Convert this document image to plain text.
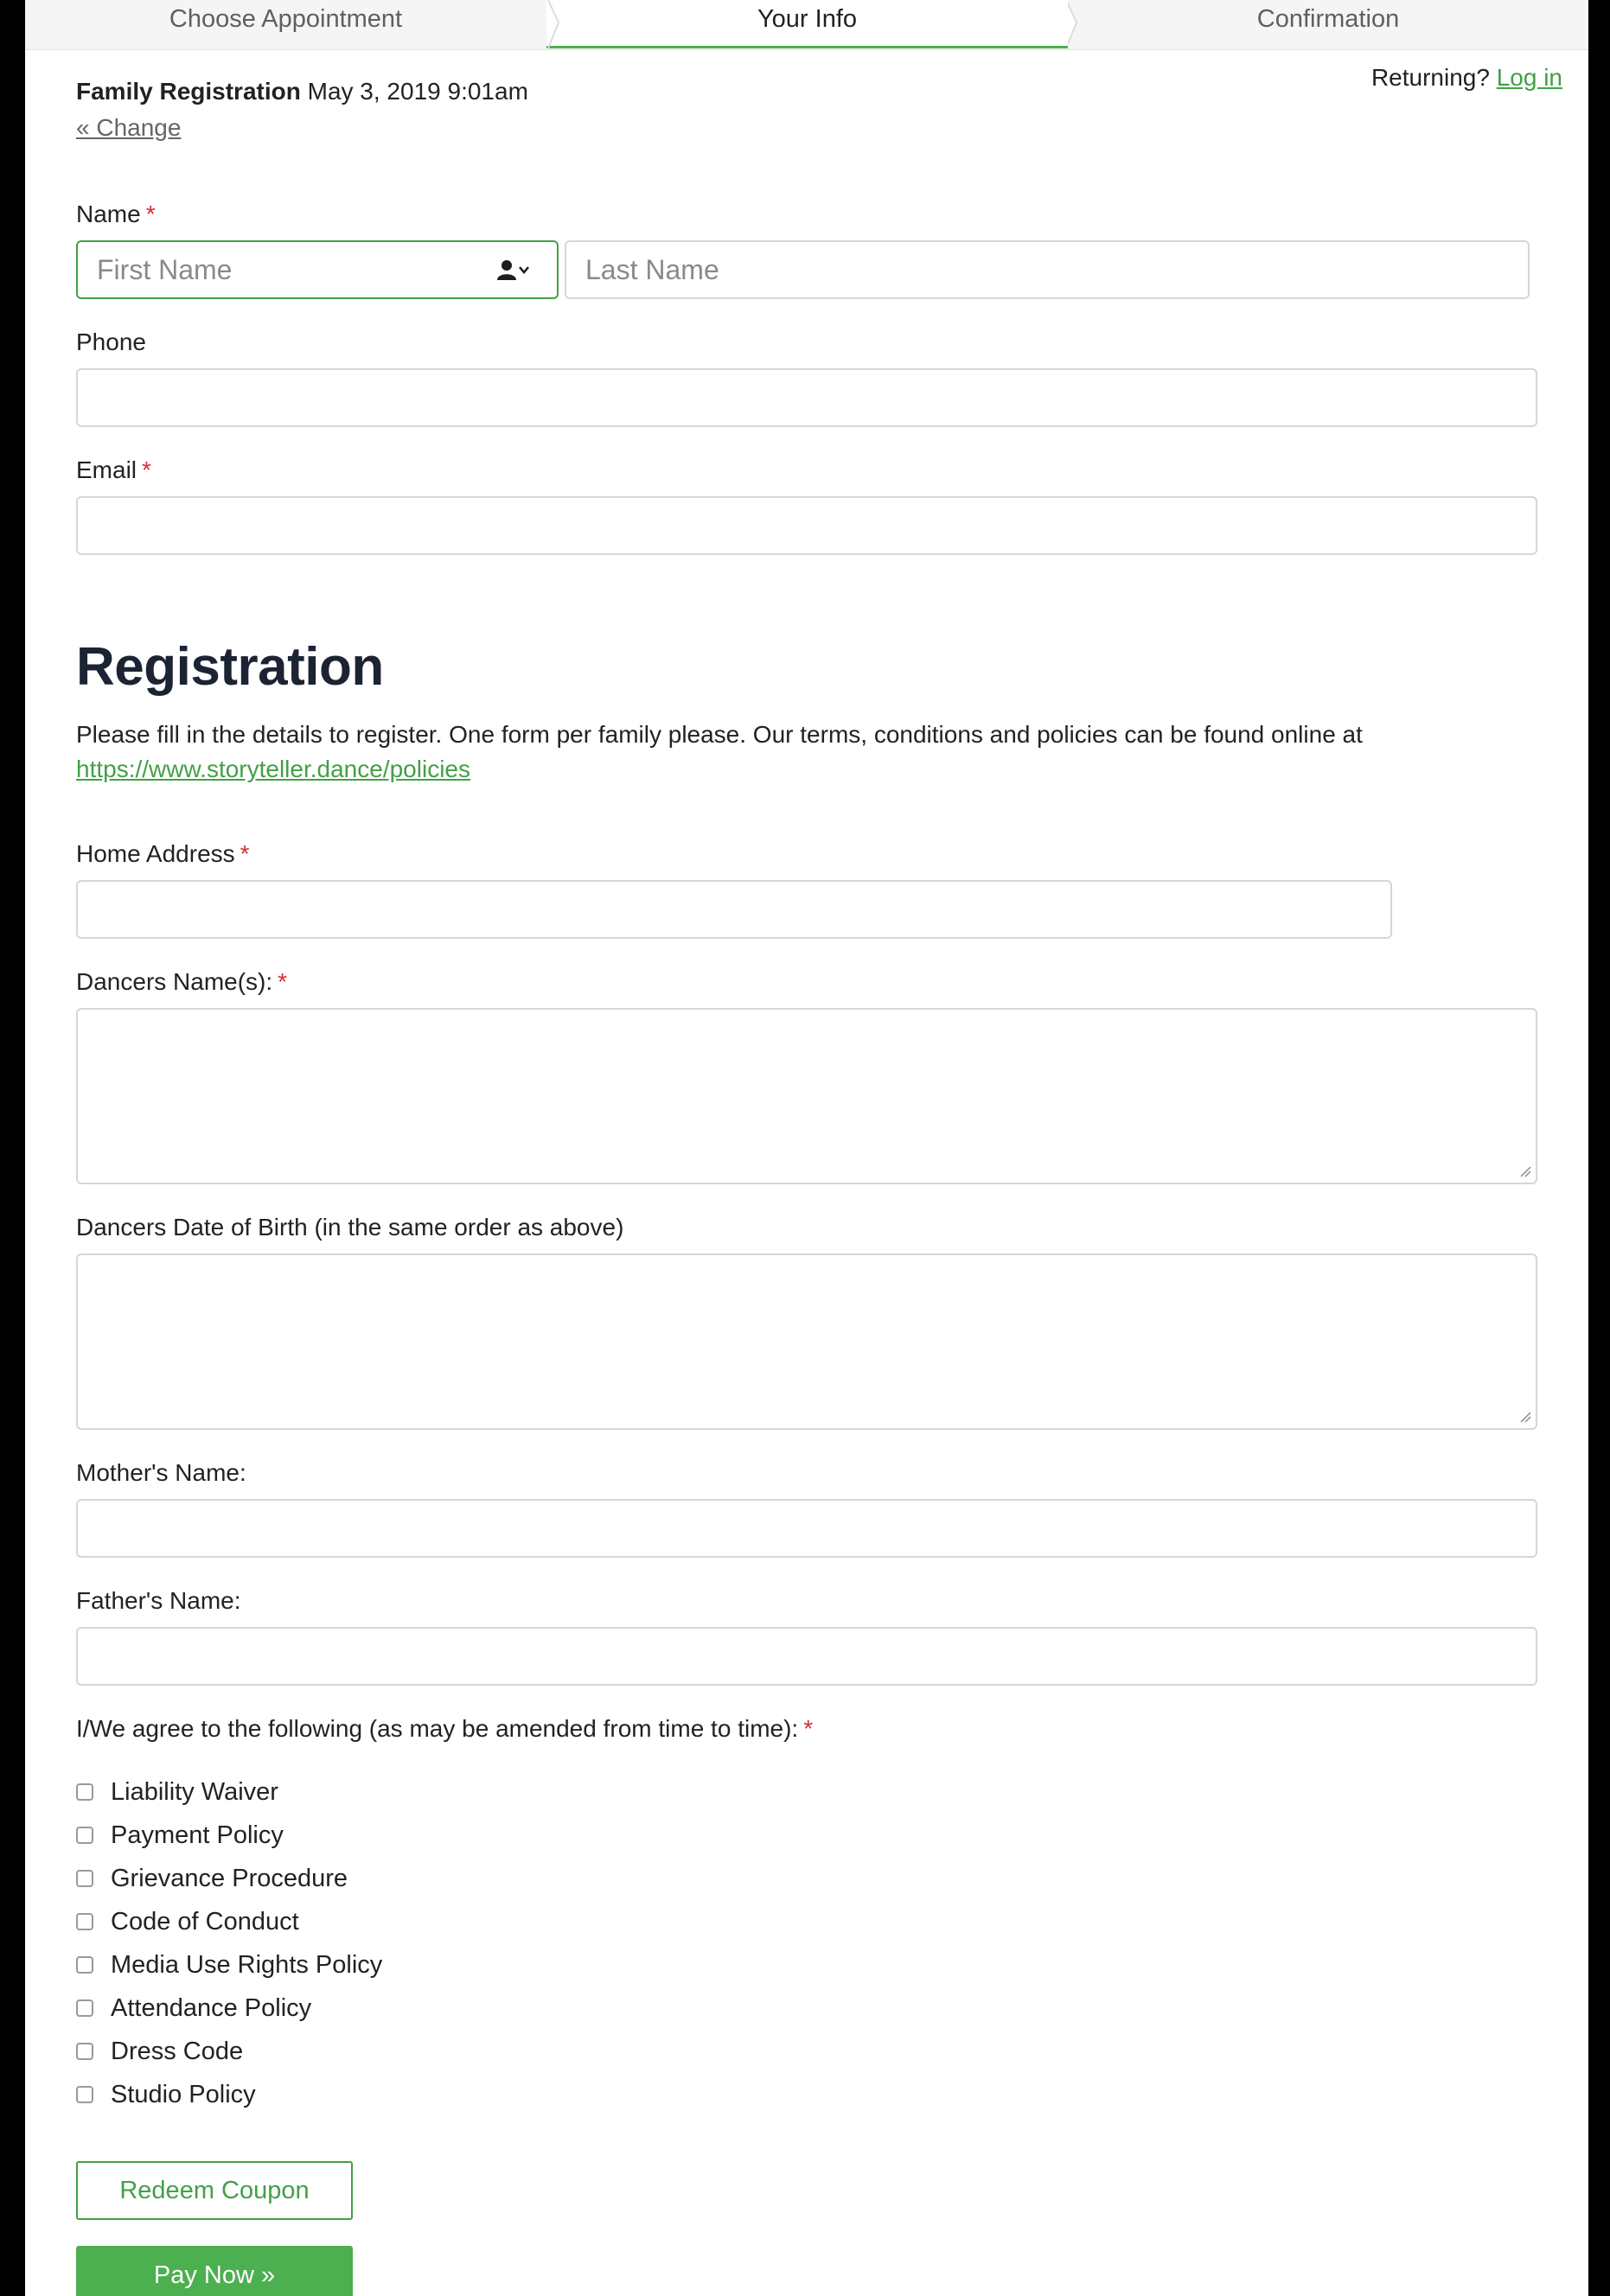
Choose Appointment	Your Info	Confirmation
Family Registration May 3, 2019 9:01am
« Change
Returning? Log in
Name *
First Name
Last Name
Phone
Email *
Registration
Please fill in the details to register. One form per family please. Our terms, conditions and policies can be found online at
https://www.storyteller.dance/policies
Home Address *
Dancers Name(s): *
Dancers Date of Birth (in the same order as above)
Mother's Name:
Father's Name:
I/We agree to the following (as may be amended from time to time): *
Liability Waiver
Payment Policy
Grievance Procedure
Code of Conduct
Media Use Rights Policy
Attendance Policy
Dress Code
Studio Policy
Redeem Coupon
Pay Now »
